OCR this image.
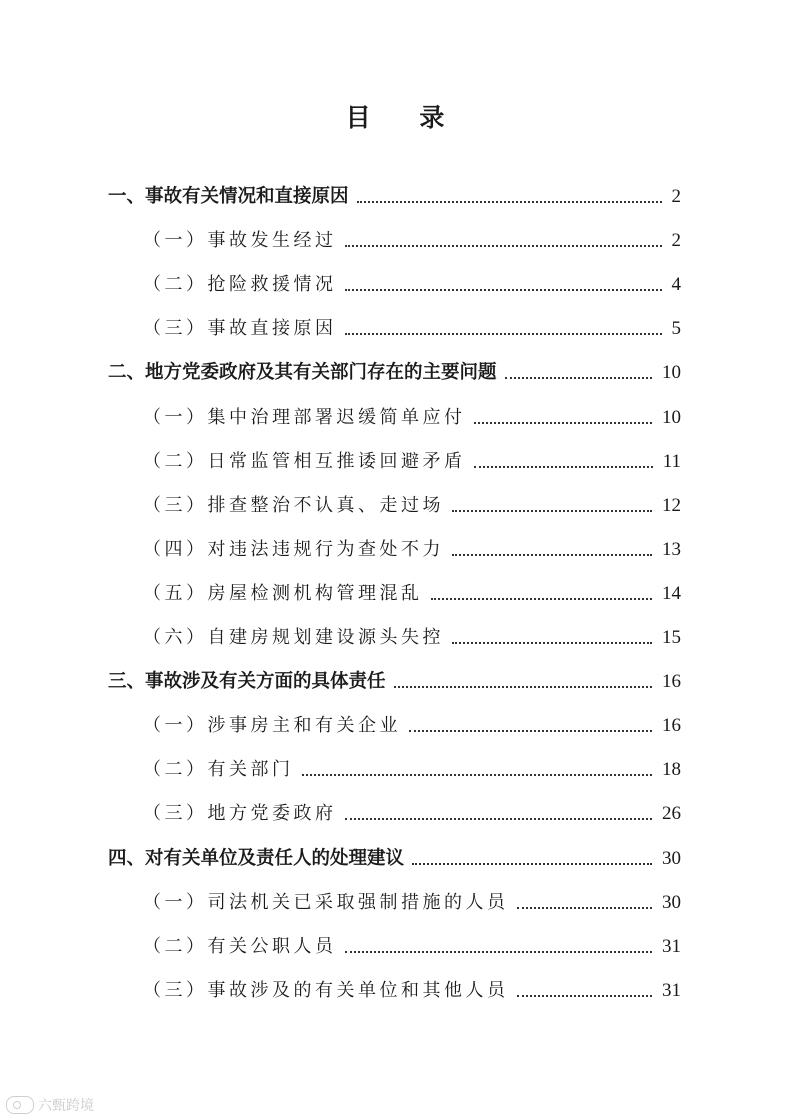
目 录
一、事故有关情况和直接原因	2
（一）事故发生经过	2
（二）抢险救援情况	4
（三）事故直接原因	5
二、地方党委政府及其有关部门存在的主要问题	10
（一）集中治理部署迟缓简单应付	10
（二）日常监管相互推诿回避矛盾	11
（三）排查整治不认真、走过场	12
（四）对违法违规行为查处不力	13
（五）房屋检测机构管理混乱	14
（六）自建房规划建设源头失控	15
三、事故涉及有关方面的具体责任	16
（一）涉事房主和有关企业	16
（二）有关部门	18
（三）地方党委政府	26
四、对有关单位及责任人的处理建议	30
（一）司法机关已采取强制措施的人员	30
（二）有关公职人员	31
（三）事故涉及的有关单位和其他人员	31
六甄跨境
